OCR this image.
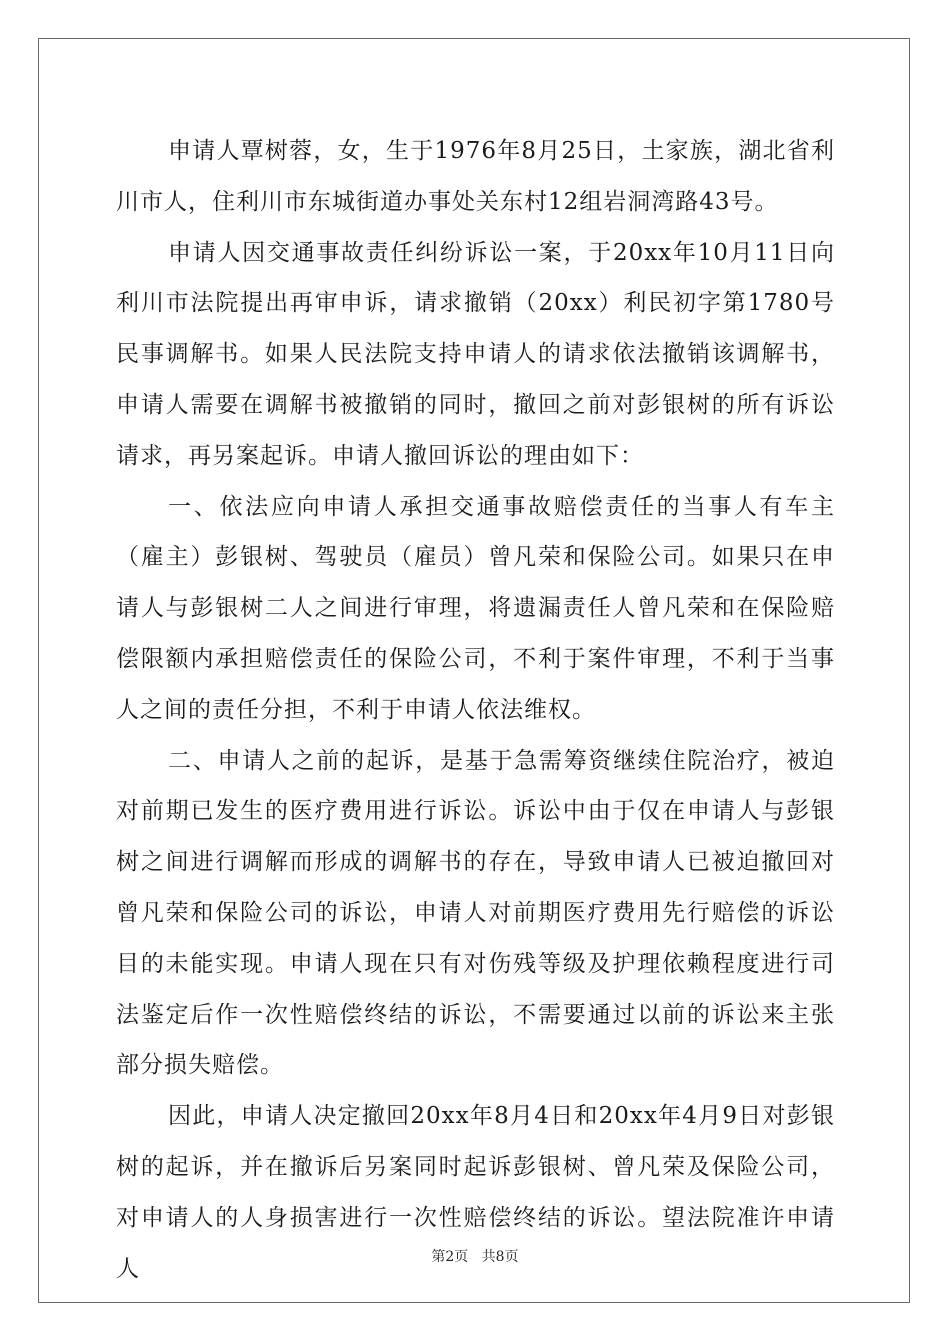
申请人覃树蓉，女，生于1976年8月25日，土家族，湖北省利川市人，住利川市东城街道办事处关东村12组岩洞湾路43号。

申请人因交通事故责任纠纷诉讼一案，于20xx年10月11日向利川市法院提出再审申诉，请求撤销（20xx）利民初字第1780号民事调解书。如果人民法院支持申请人的请求依法撤销该调解书，申请人需要在调解书被撤销的同时，撤回之前对彭银树的所有诉讼请求，再另案起诉。申请人撤回诉讼的理由如下：

一、依法应向申请人承担交通事故赔偿责任的当事人有车主（雇主）彭银树、驾驶员（雇员）曾凡荣和保险公司。如果只在申请人与彭银树二人之间进行审理，将遗漏责任人曾凡荣和在保险赔偿限额内承担赔偿责任的保险公司，不利于案件审理，不利于当事人之间的责任分担，不利于申请人依法维权。

二、申请人之前的起诉，是基于急需筹资继续住院治疗，被迫对前期已发生的医疗费用进行诉讼。诉讼中由于仅在申请人与彭银树之间进行调解而形成的调解书的存在，导致申请人已被迫撤回对曾凡荣和保险公司的诉讼，申请人对前期医疗费用先行赔偿的诉讼目的未能实现。申请人现在只有对伤残等级及护理依赖程度进行司法鉴定后作一次性赔偿终结的诉讼，不需要通过以前的诉讼来主张部分损失赔偿。

因此，申请人决定撤回20xx年8月4日和20xx年4月9日对彭银树的起诉，并在撤诉后另案同时起诉彭银树、曾凡荣及保险公司，对申请人的人身损害进行一次性赔偿终结的诉讼。望法院准许申请人	第2页 共8页
